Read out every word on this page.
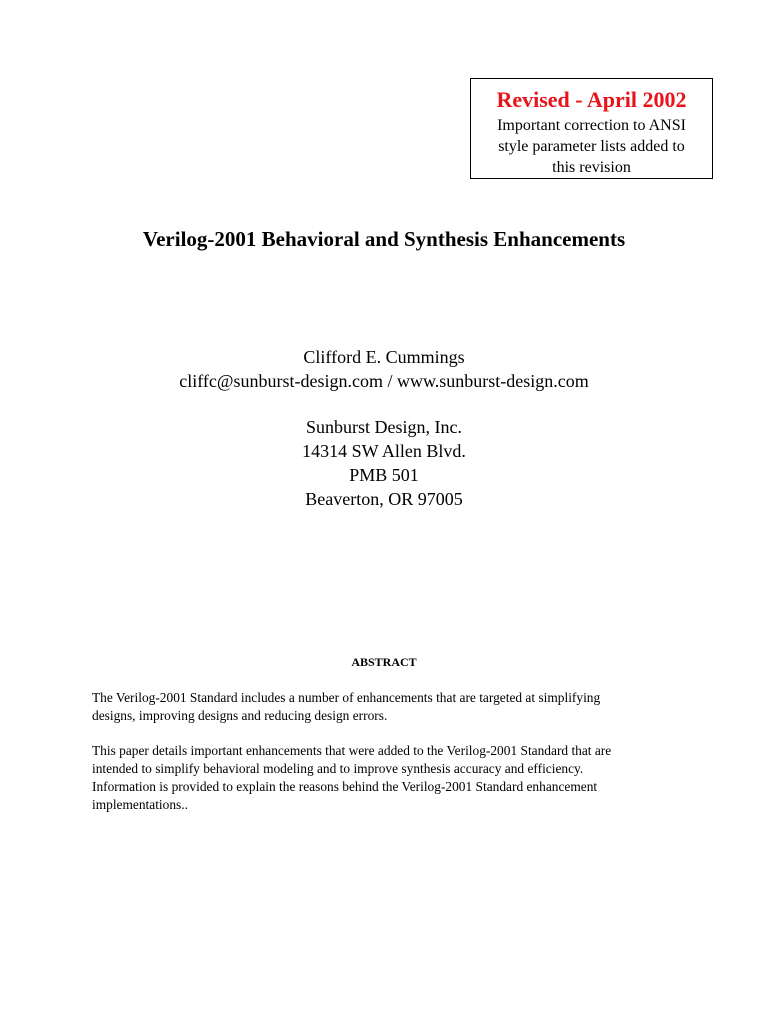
Revised - April 2002
Important correction to ANSI
style parameter lists added to
this revision
Verilog-2001 Behavioral and Synthesis Enhancements
Clifford E. Cummings
cliffc@sunburst-design.com / www.sunburst-design.com
Sunburst Design, Inc.
14314 SW Allen Blvd.
PMB 501
Beaverton, OR 97005
ABSTRACT
The Verilog-2001 Standard includes a number of enhancements that are targeted at simplifying
designs, improving designs and reducing design errors.
This paper details important enhancements that were added to the Verilog-2001 Standard that are
intended to simplify behavioral modeling and to improve synthesis accuracy and efficiency.
Information is provided to explain the reasons behind the Verilog-2001 Standard enhancement
implementations..
